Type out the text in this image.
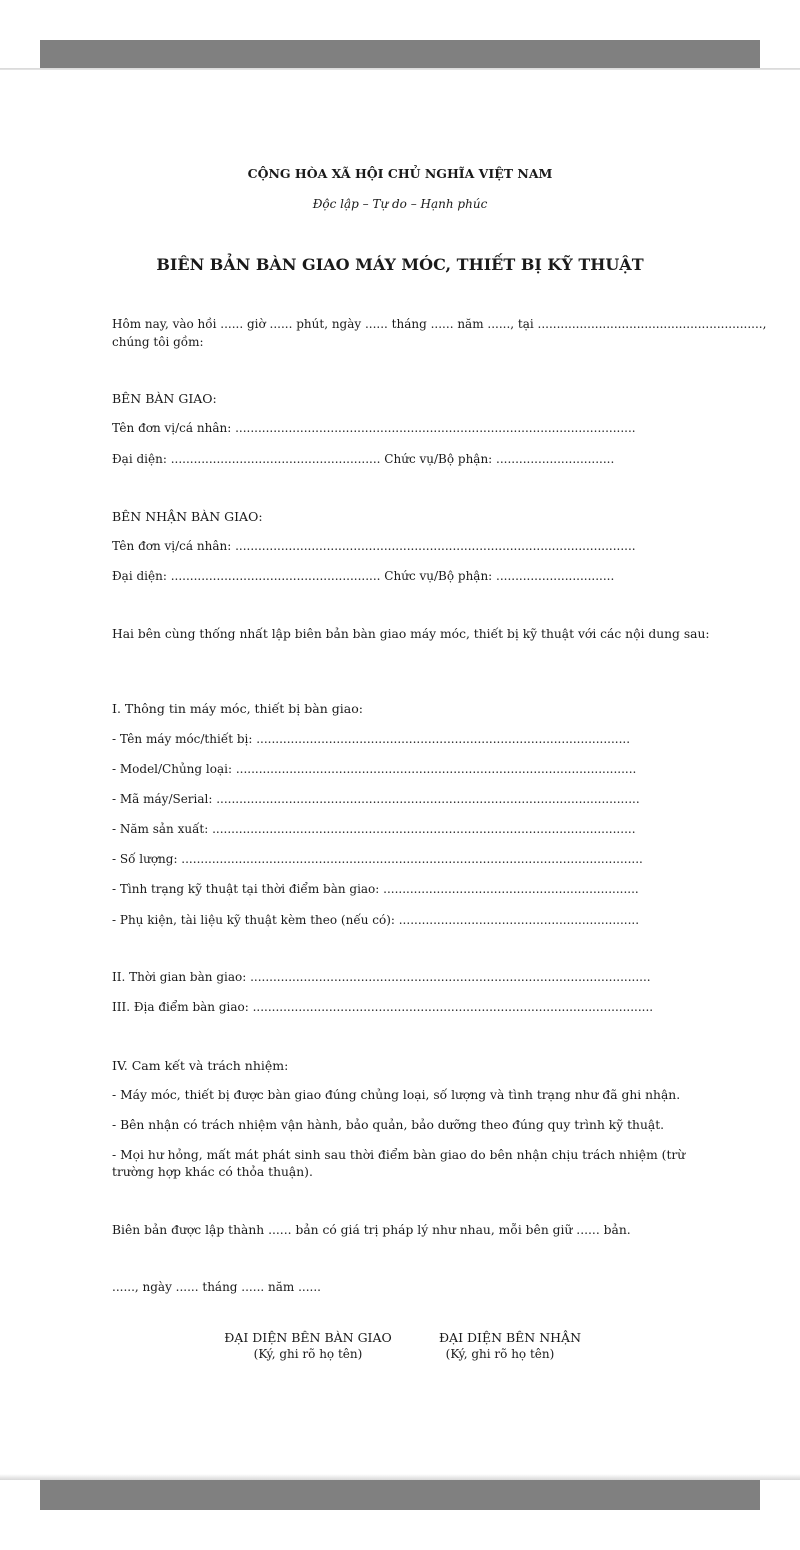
CỘNG HÒA XÃ HỘI CHỦ NGHĨA VIỆT NAM
Độc lập – Tự do – Hạnh phúc
BIÊN BẢN BÀN GIAO MÁY MÓC, THIẾT BỊ KỸ THUẬT
Hôm nay, vào hồi ...... giờ ...... phút, ngày ...... tháng ...... năm ......, tại ...........................................................,
chúng tôi gồm:
BÊN BÀN GIAO:
Tên đơn vị/cá nhân: .........................................................................................................
Đại diện: ....................................................... Chức vụ/Bộ phận: ...............................
BÊN NHẬN BÀN GIAO:
Tên đơn vị/cá nhân: .........................................................................................................
Đại diện: ....................................................... Chức vụ/Bộ phận: ...............................
Hai bên cùng thống nhất lập biên bản bàn giao máy móc, thiết bị kỹ thuật với các nội dung sau:
I. Thông tin máy móc, thiết bị bàn giao:
- Tên máy móc/thiết bị: ..................................................................................................
- Model/Chủng loại: .........................................................................................................
- Mã máy/Serial: ...............................................................................................................
- Năm sản xuất: ...............................................................................................................
- Số lượng: .........................................................................................................................
- Tình trạng kỹ thuật tại thời điểm bàn giao: ...................................................................
- Phụ kiện, tài liệu kỹ thuật kèm theo (nếu có): ...............................................................
II. Thời gian bàn giao: .........................................................................................................
III. Địa điểm bàn giao: .........................................................................................................
IV. Cam kết và trách nhiệm:
- Máy móc, thiết bị được bàn giao đúng chủng loại, số lượng và tình trạng như đã ghi nhận.
- Bên nhận có trách nhiệm vận hành, bảo quản, bảo dưỡng theo đúng quy trình kỹ thuật.
- Mọi hư hỏng, mất mát phát sinh sau thời điểm bàn giao do bên nhận chịu trách nhiệm (trừ trường hợp khác có thỏa thuận).
Biên bản được lập thành ...... bản có giá trị pháp lý như nhau, mỗi bên giữ ...... bản.
......, ngày ...... tháng ...... năm ......
ĐẠI DIỆN BÊN BÀN GIAO
(Ký, ghi rõ họ tên)
ĐẠI DIỆN BÊN NHẬN
(Ký, ghi rõ họ tên)
